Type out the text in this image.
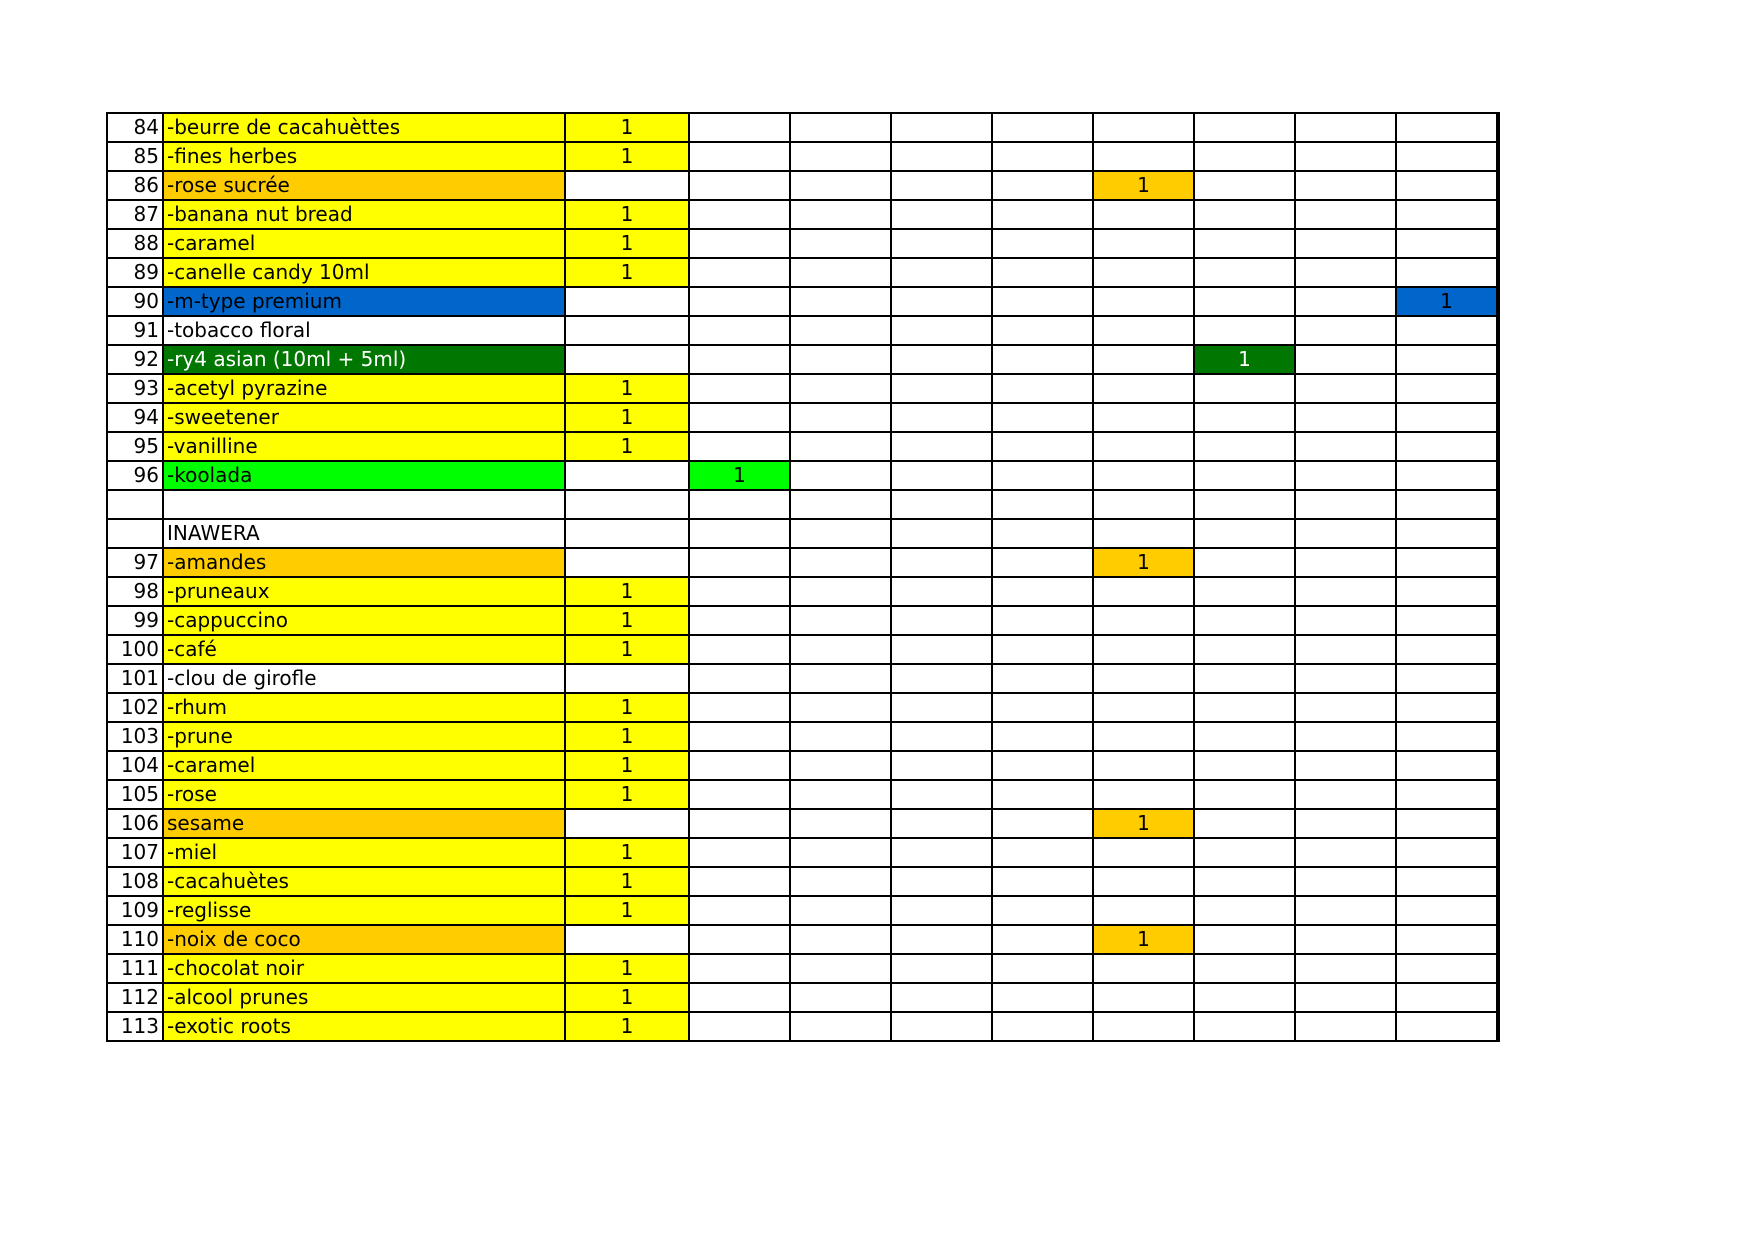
84	-beurre de cacahuèttes	1									
85	-fines herbes	1									
86	-rose sucrée						1				
87	-banana nut bread	1									
88	-caramel	1									
89	-canelle candy 10ml	1									
90	-m-type premium									1	
91	-tobacco floral										
92	-ry4 asian (10ml + 5ml)							1			
93	-acetyl pyrazine	1									
94	-sweetener	1									
95	-vanilline	1									
96	-koolada		1								

	INAWERA										
97	-amandes						1				
98	-pruneaux	1									
99	-cappuccino	1									
100	-café	1									
101	-clou de girofle										
102	-rhum	1									
103	-prune	1									
104	-caramel	1									
105	-rose	1									
106	sesame						1				
107	-miel	1									
108	-cacahuètes	1									
109	-reglisse	1									
110	-noix de coco						1				
111	-chocolat noir	1									
112	-alcool prunes	1									
113	-exotic roots	1									
